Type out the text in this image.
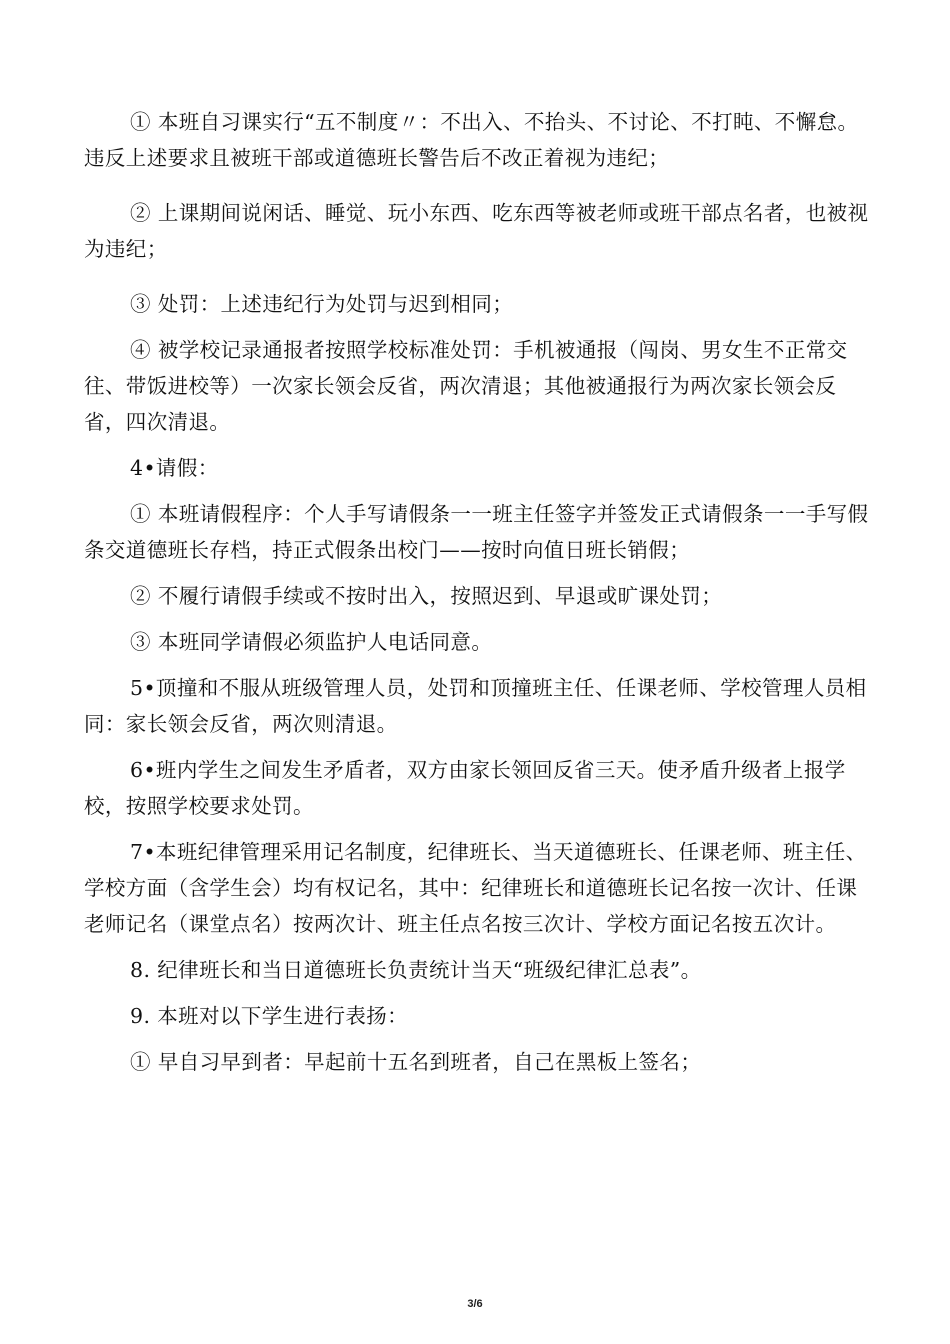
① 本班自习课实行“五不制度〃：不出入、不抬头、不讨论、不打盹、不懈怠。违反上述要求且被班干部或道德班长警告后不改正着视为违纪；

② 上课期间说闲话、睡觉、玩小东西、吃东西等被老师或班干部点名者，也被视为违纪；

③ 处罚：上述违纪行为处罚与迟到相同；

④ 被学校记录通报者按照学校标准处罚：手机被通报（闯岗、男女生不正常交往、带饭进校等）一次家长领会反省，两次清退；其他被通报行为两次家长领会反省，四次清退。

4•请假：

① 本班请假程序：个人手写请假条一一班主任签字并签发正式请假条一一手写假条交道德班长存档，持正式假条出校门——按时向值日班长销假；

② 不履行请假手续或不按时出入，按照迟到、早退或旷课处罚；

③ 本班同学请假必须监护人电话同意。

5•顶撞和不服从班级管理人员，处罚和顶撞班主任、任课老师、学校管理人员相同：家长领会反省，两次则清退。

6•班内学生之间发生矛盾者，双方由家长领回反省三天。使矛盾升级者上报学校，按照学校要求处罚。

7•本班纪律管理采用记名制度，纪律班长、当天道德班长、任课老师、班主任、学校方面（含学生会）均有权记名，其中：纪律班长和道德班长记名按一次计、任课老师记名（课堂点名）按两次计、班主任点名按三次计、学校方面记名按五次计。

8. 纪律班长和当日道德班长负责统计当天“班级纪律汇总表”。

9. 本班对以下学生进行表扬：

① 早自习早到者：早起前十五名到班者，自己在黑板上签名；

3/6
